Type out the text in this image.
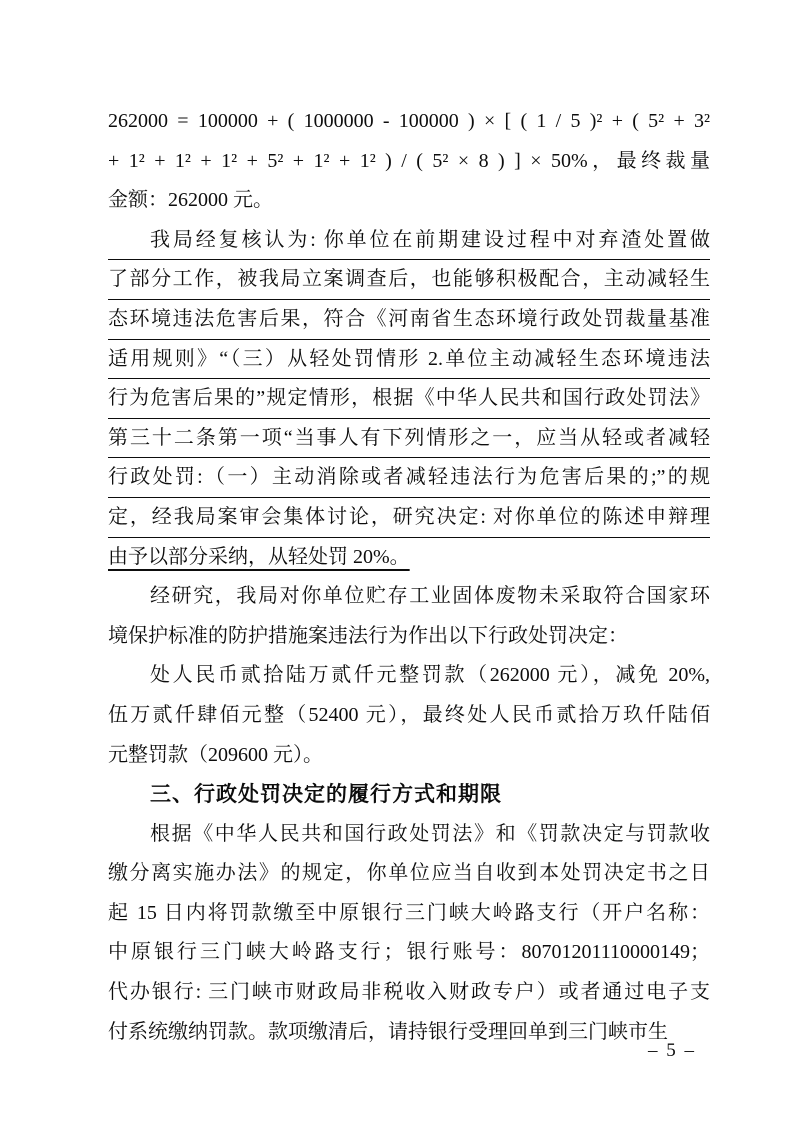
262000 = 100000 + ( 1000000 - 100000 ) × [ ( 1 / 5 )² + ( 5² + 3²
+ 1² + 1² + 1² + 5² + 1² + 1² ) / ( 5² × 8 ) ] × 50%，最终裁量
金额：262000 元。
我局经复核认为: 你单位在前期建设过程中对弃渣处置做
了部分工作，被我局立案调查后，也能够积极配合，主动减轻生
态环境违法危害后果，符合《河南省生态环境行政处罚裁量基准
适用规则》“（三）从轻处罚情形 2.单位主动减轻生态环境违法
行为危害后果的”规定情形，根据《中华人民共和国行政处罚法》
第三十二条第一项“当事人有下列情形之一，应当从轻或者减轻
行政处罚:（一）主动消除或者减轻违法行为危害后果的;”的规
定，经我局案审会集体讨论，研究决定: 对你单位的陈述申辩理
由予以部分采纳，从轻处罚 20%。
经研究，我局对你单位贮存工业固体废物未采取符合国家环
境保护标准的防护措施案违法行为作出以下行政处罚决定：
处人民币贰拾陆万贰仟元整罚款（262000 元），减免 20%,
伍万贰仟肆佰元整（52400 元），最终处人民币贰拾万玖仟陆佰
元整罚款（209600 元）。
三、行政处罚决定的履行方式和期限
根据《中华人民共和国行政处罚法》和《罚款决定与罚款收
缴分离实施办法》的规定，你单位应当自收到本处罚决定书之日
起 15 日内将罚款缴至中原银行三门峡大岭路支行（开户名称：
中原银行三门峡大岭路支行；银行账号：80701201110000149；
代办银行: 三门峡市财政局非税收入财政专户）或者通过电子支
付系统缴纳罚款。款项缴清后，请持银行受理回单到三门峡市生
– 5 –
